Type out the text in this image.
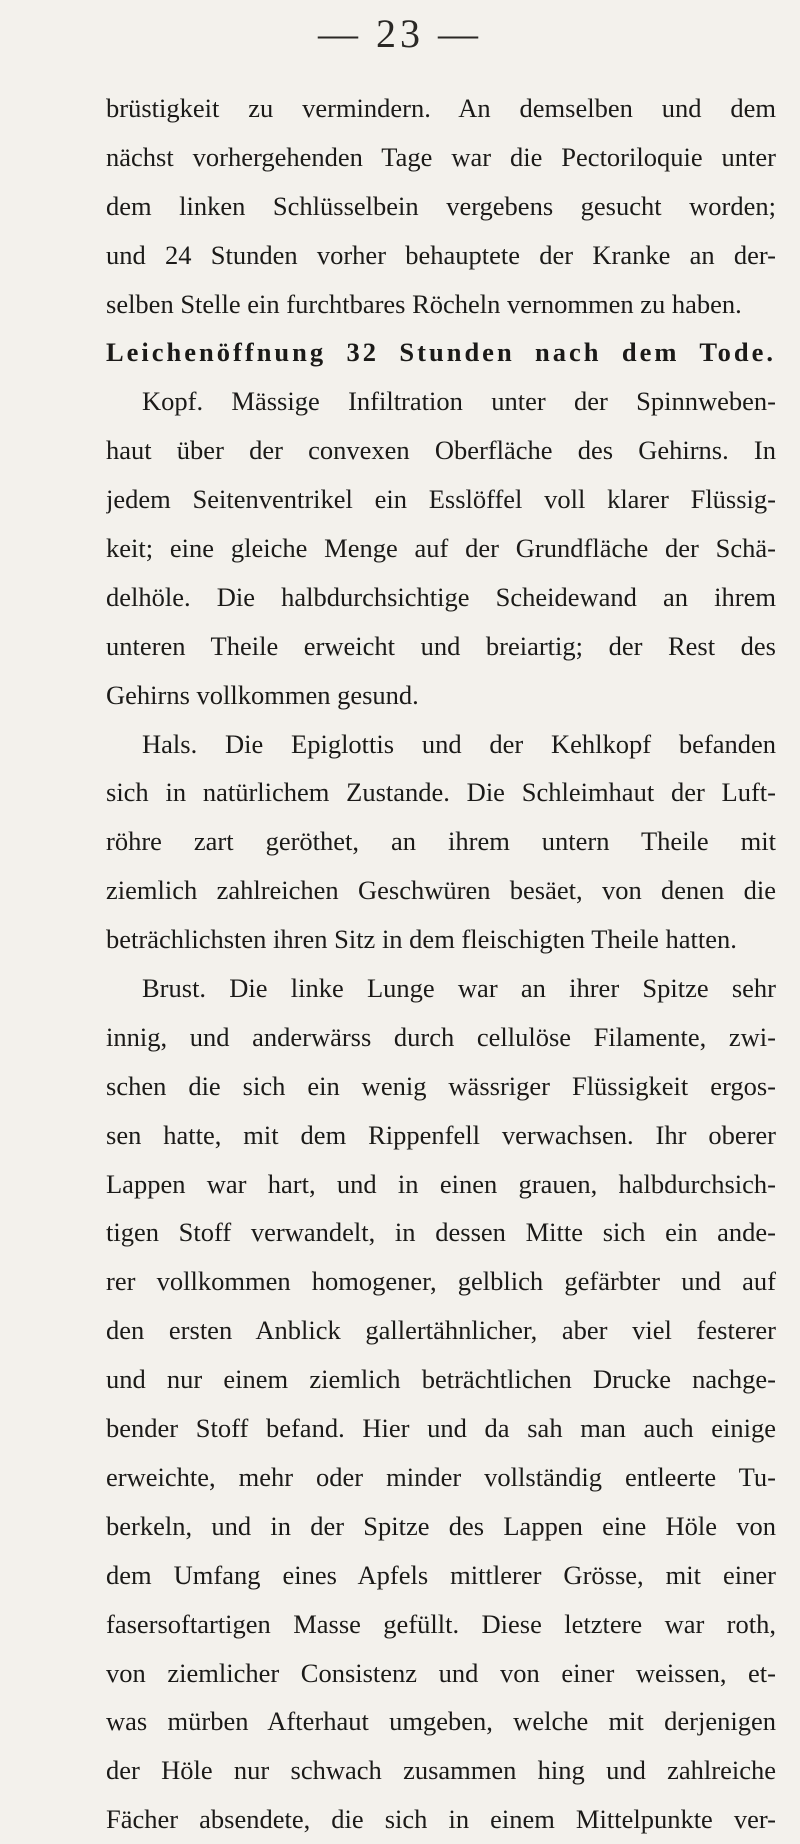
— 23 —
brüstigkeit zu vermindern. An demselben und dem
nächst vorhergehenden Tage war die Pectoriloquie unter
dem linken Schlüsselbein vergebens gesucht worden;
und 24 Stunden vorher behauptete der Kranke an der-
selben Stelle ein furchtbares Röcheln vernommen zu haben.
Leichenöffnung 32 Stunden nach dem Tode.
Kopf. Mässige Infiltration unter der Spinnweben-
haut über der convexen Oberfläche des Gehirns. In
jedem Seitenventrikel ein Esslöffel voll klarer Flüssig-
keit; eine gleiche Menge auf der Grundfläche der Schä-
delhöle. Die halbdurchsichtige Scheidewand an ihrem
unteren Theile erweicht und breiartig; der Rest des
Gehirns vollkommen gesund.
Hals. Die Epiglottis und der Kehlkopf befanden
sich in natürlichem Zustande. Die Schleimhaut der Luft-
röhre zart geröthet, an ihrem untern Theile mit
ziemlich zahlreichen Geschwüren besäet, von denen die
beträchlichsten ihren Sitz in dem fleischigten Theile hatten.
Brust. Die linke Lunge war an ihrer Spitze sehr
innig, und anderwärss durch cellulöse Filamente, zwi-
schen die sich ein wenig wässriger Flüssigkeit ergos-
sen hatte, mit dem Rippenfell verwachsen. Ihr oberer
Lappen war hart, und in einen grauen, halbdurchsich-
tigen Stoff verwandelt, in dessen Mitte sich ein ande-
rer vollkommen homogener, gelblich gefärbter und auf
den ersten Anblick gallertähnlicher, aber viel festerer
und nur einem ziemlich beträchtlichen Drucke nachge-
bender Stoff befand. Hier und da sah man auch einige
erweichte, mehr oder minder vollständig entleerte Tu-
berkeln, und in der Spitze des Lappen eine Höle von
dem Umfang eines Apfels mittlerer Grösse, mit einer
fasersoftartigen Masse gefüllt. Diese letztere war roth,
von ziemlicher Consistenz und von einer weissen, et-
was mürben Afterhaut umgeben, welche mit derjenigen
der Höle nur schwach zusammen hing und zahlreiche
Fächer absendete, die sich in einem Mittelpunkte ver-
